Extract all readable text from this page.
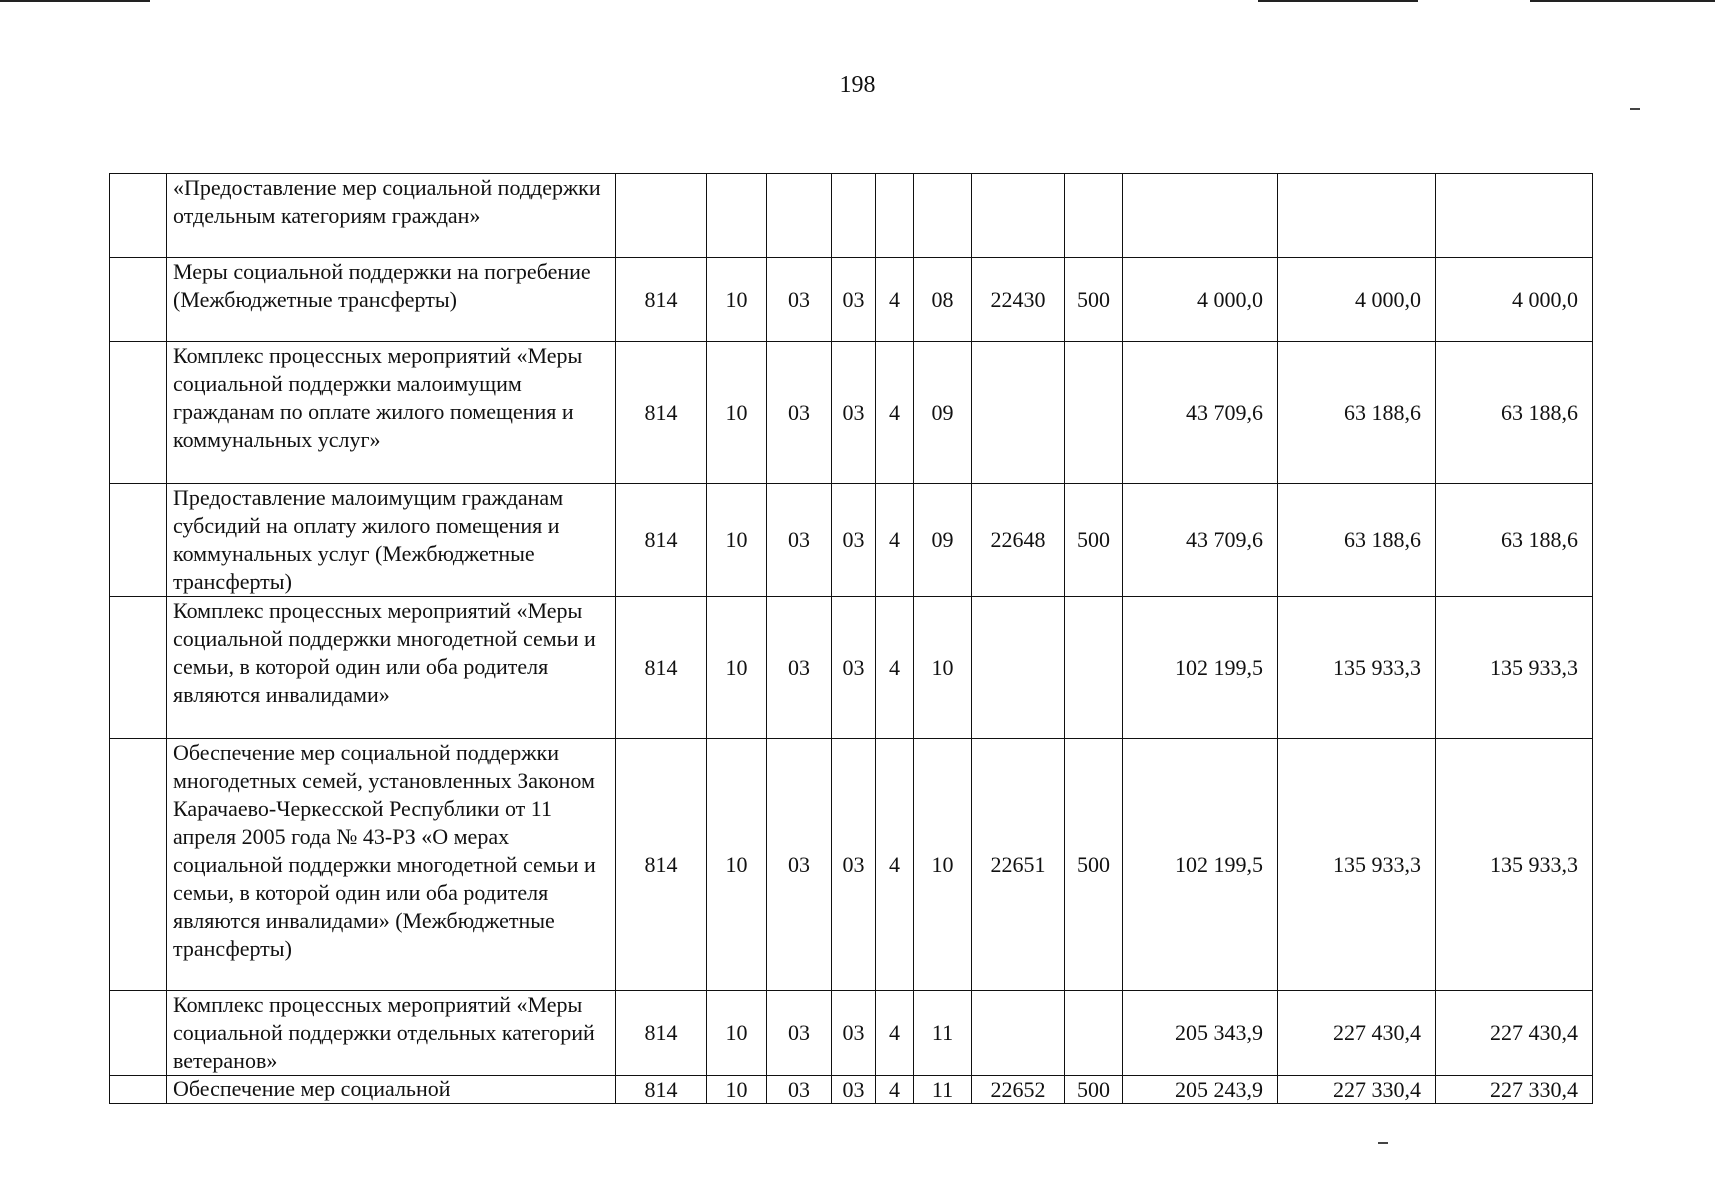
198
	«Предоставление мер социальной поддержки отдельным категориям граждан»											
	Меры социальной поддержки на погребение (Межбюджетные трансферты)	814	10	03	03	4	08	22430	500	4 000,0	4 000,0	4 000,0
	Комплекс процессных мероприятий «Меры социальной поддержки малоимущим гражданам по оплате жилого помещения и коммунальных услуг»	814	10	03	03	4	09			43 709,6	63 188,6	63 188,6
	Предоставление малоимущим гражданам субсидий на оплату жилого помещения и коммунальных услуг (Межбюджетные трансферты)	814	10	03	03	4	09	22648	500	43 709,6	63 188,6	63 188,6
	Комплекс процессных мероприятий «Меры социальной поддержки многодетной семьи и семьи, в которой один или оба родителя являются инвалидами»	814	10	03	03	4	10			102 199,5	135 933,3	135 933,3
	Обеспечение мер социальной поддержки многодетных семей, установленных Законом Карачаево-Черкесской Республики от 11 апреля 2005 года № 43-РЗ «О мерах социальной поддержки многодетной семьи и семьи, в которой один или оба родителя являются инвалидами» (Межбюджетные трансферты)	814	10	03	03	4	10	22651	500	102 199,5	135 933,3	135 933,3
	Комплекс процессных мероприятий «Меры социальной поддержки отдельных категорий ветеранов»	814	10	03	03	4	11			205 343,9	227 430,4	227 430,4
	Обеспечение мер социальной	814	10	03	03	4	11	22652	500	205 243,9	227 330,4	227 330,4
